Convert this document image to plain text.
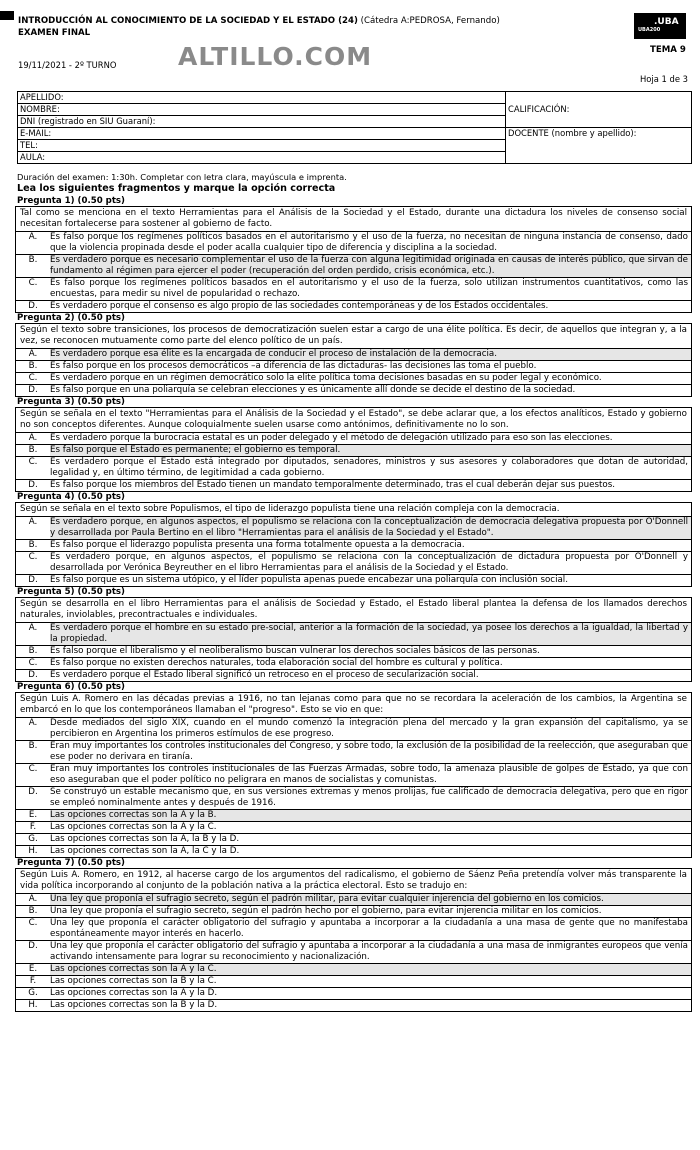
INTRODUCCIÓN AL CONOCIMIENTO DE LA SOCIEDAD Y EL ESTADO (24) (Cátedra A:PEDROSA, Fernando)
EXAMEN FINAL
19/11/2021 - 2º TURNO ALTILLO.COM
.UBA
UBA200
TEMA 9
Hoja 1 de 3
APELLIDO:	CALIFICACIÓN:
NOMBRE:	
DNI (registrado en SIU Guaraní):	
E-MAIL:	DOCENTE (nombre y apellido):
TEL:	
AULA:	
Duración del examen: 1:30h. Completar con letra clara, mayúscula e imprenta.
Lea los siguientes fragmentos y marque la opción correcta
Pregunta 1) (0.50 pts)
Tal como se menciona en el texto Herramientas para el Análisis de la Sociedad y el Estado, durante una dictadura los niveles de consenso social necesitan fortalecerse para sostener al gobierno de facto.
A.	Es falso porque los regímenes políticos basados en el autoritarismo y el uso de la fuerza, no necesitan de ninguna instancia de consenso, dado que la violencia propinada desde el poder acalla cualquier tipo de diferencia y disciplina a la sociedad.
B.	Es verdadero porque es necesario complementar el uso de la fuerza con alguna legitimidad originada en causas de interés público, que sirvan de fundamento al régimen para ejercer el poder (recuperación del orden perdido, crisis económica, etc.).
C.	Es falso porque los regímenes políticos basados en el autoritarismo y el uso de la fuerza, solo utilizan instrumentos cuantitativos, como las encuestas, para medir su nivel de popularidad o rechazo.
D.	Es verdadero porque el consenso es algo propio de las sociedades contemporáneas y de los Estados occidentales.
Pregunta 2) (0.50 pts)
Según el texto sobre transiciones, los procesos de democratización suelen estar a cargo de una élite política. Es decir, de aquellos que integran y, a la vez, se reconocen mutuamente como parte del elenco político de un país.
A.	Es verdadero porque esa élite es la encargada de conducir el proceso de instalación de la democracia.
B.	Es falso porque en los procesos democráticos –a diferencia de las dictaduras- las decisiones las toma el pueblo.
C.	Es verdadero porque en un régimen democrático solo la elite política toma decisiones basadas en su poder legal y económico.
D.	Es falso porque en una poliarquía se celebran elecciones y es únicamente allí donde se decide el destino de la sociedad.
Pregunta 3) (0.50 pts)
Según se señala en el texto "Herramientas para el Análisis de la Sociedad y el Estado", se debe aclarar que, a los efectos analíticos, Estado y gobierno no son conceptos diferentes. Aunque coloquialmente suelen usarse como antónimos, definitivamente no lo son.
A.	Es verdadero porque la burocracia estatal es un poder delegado y el método de delegación utilizado para eso son las elecciones.
B.	Es falso porque el Estado es permanente; el gobierno es temporal.
C.	Es verdadero porque el Estado está integrado por diputados, senadores, ministros y sus asesores y colaboradores que dotan de autoridad, legalidad y, en último término, de legitimidad a cada gobierno.
D.	Es falso porque los miembros del Estado tienen un mandato temporalmente determinado, tras el cual deberán dejar sus puestos.
Pregunta 4) (0.50 pts)
Según se señala en el texto sobre Populismos, el tipo de liderazgo populista tiene una relación compleja con la democracia.
A.	Es verdadero porque, en algunos aspectos, el populismo se relaciona con la conceptualización de democracia delegativa propuesta por O'Donnell y desarrollada por Paula Bertino en el libro "Herramientas para el análisis de la Sociedad y el Estado".
B.	Es falso porque el liderazgo populista presenta una forma totalmente opuesta a la democracia.
C.	Es verdadero porque, en algunos aspectos, el populismo se relaciona con la conceptualización de dictadura propuesta por O'Donnell y desarrollada por Verónica Beyreuther en el libro Herramientas para el análisis de la Sociedad y el Estado.
D.	Es falso porque es un sistema utópico, y el líder populista apenas puede encabezar una poliarquía con inclusión social.
Pregunta 5) (0.50 pts)
Según se desarrolla en el libro Herramientas para el análisis de Sociedad y Estado, el Estado liberal plantea la defensa de los llamados derechos naturales, inviolables, precontractuales e individuales.
A.	Es verdadero porque el hombre en su estado pre-social, anterior a la formación de la sociedad, ya posee los derechos a la igualdad, la libertad y la propiedad.
B.	Es falso porque el liberalismo y el neoliberalismo buscan vulnerar los derechos sociales básicos de las personas.
C.	Es falso porque no existen derechos naturales, toda elaboración social del hombre es cultural y política.
D.	Es verdadero porque el Estado liberal significó un retroceso en el proceso de secularización social.
Pregunta 6) (0.50 pts)
Según Luis A. Romero en las décadas previas a 1916, no tan lejanas como para que no se recordara la aceleración de los cambios, la Argentina se embarcó en lo que los contemporáneos llamaban el "progreso". Esto se vio en que:
A.	Desde mediados del siglo XIX, cuando en el mundo comenzó la integración plena del mercado y la gran expansión del capitalismo, ya se percibieron en Argentina los primeros estímulos de ese progreso.
B.	Eran muy importantes los controles institucionales del Congreso, y sobre todo, la exclusión de la posibilidad de la reelección, que aseguraban que ese poder no derivara en tiranía.
C.	Eran muy importantes los controles institucionales de las Fuerzas Armadas, sobre todo, la amenaza plausible de golpes de Estado, ya que con eso aseguraban que el poder político no peligrara en manos de socialistas y comunistas.
D.	Se construyó un estable mecanismo que, en sus versiones extremas y menos prolijas, fue calificado de democracia delegativa, pero que en rigor se empleó nominalmente antes y después de 1916.
E.	Las opciones correctas son la A y la B.
F.	Las opciones correctas son la A y la C.
G.	Las opciones correctas son la A, la B y la D.
H.	Las opciones correctas son la A, la C y la D.
Pregunta 7) (0.50 pts)
Según Luis A. Romero, en 1912, al hacerse cargo de los argumentos del radicalismo, el gobierno de Sáenz Peña pretendía volver más transparente la vida política incorporando al conjunto de la población nativa a la práctica electoral. Esto se tradujo en:
A.	Una ley que proponía el sufragio secreto, según el padrón militar, para evitar cualquier injerencia del gobierno en los comicios.
B.	Una ley que proponía el sufragio secreto, según el padrón hecho por el gobierno, para evitar injerencia militar en los comicios.
C.	Una ley que proponía el carácter obligatorio del sufragio y apuntaba a incorporar a la ciudadanía a una masa de gente que no manifestaba espontáneamente mayor interés en hacerlo.
D.	Una ley que proponía el carácter obligatorio del sufragio y apuntaba a incorporar a la ciudadanía a una masa de inmigrantes europeos que venía activando intensamente para lograr su reconocimiento y nacionalización.
E.	Las opciones correctas son la A y la C.
F.	Las opciones correctas son la B y la C.
G.	Las opciones correctas son la A y la D.
H.	Las opciones correctas son la B y la D.
